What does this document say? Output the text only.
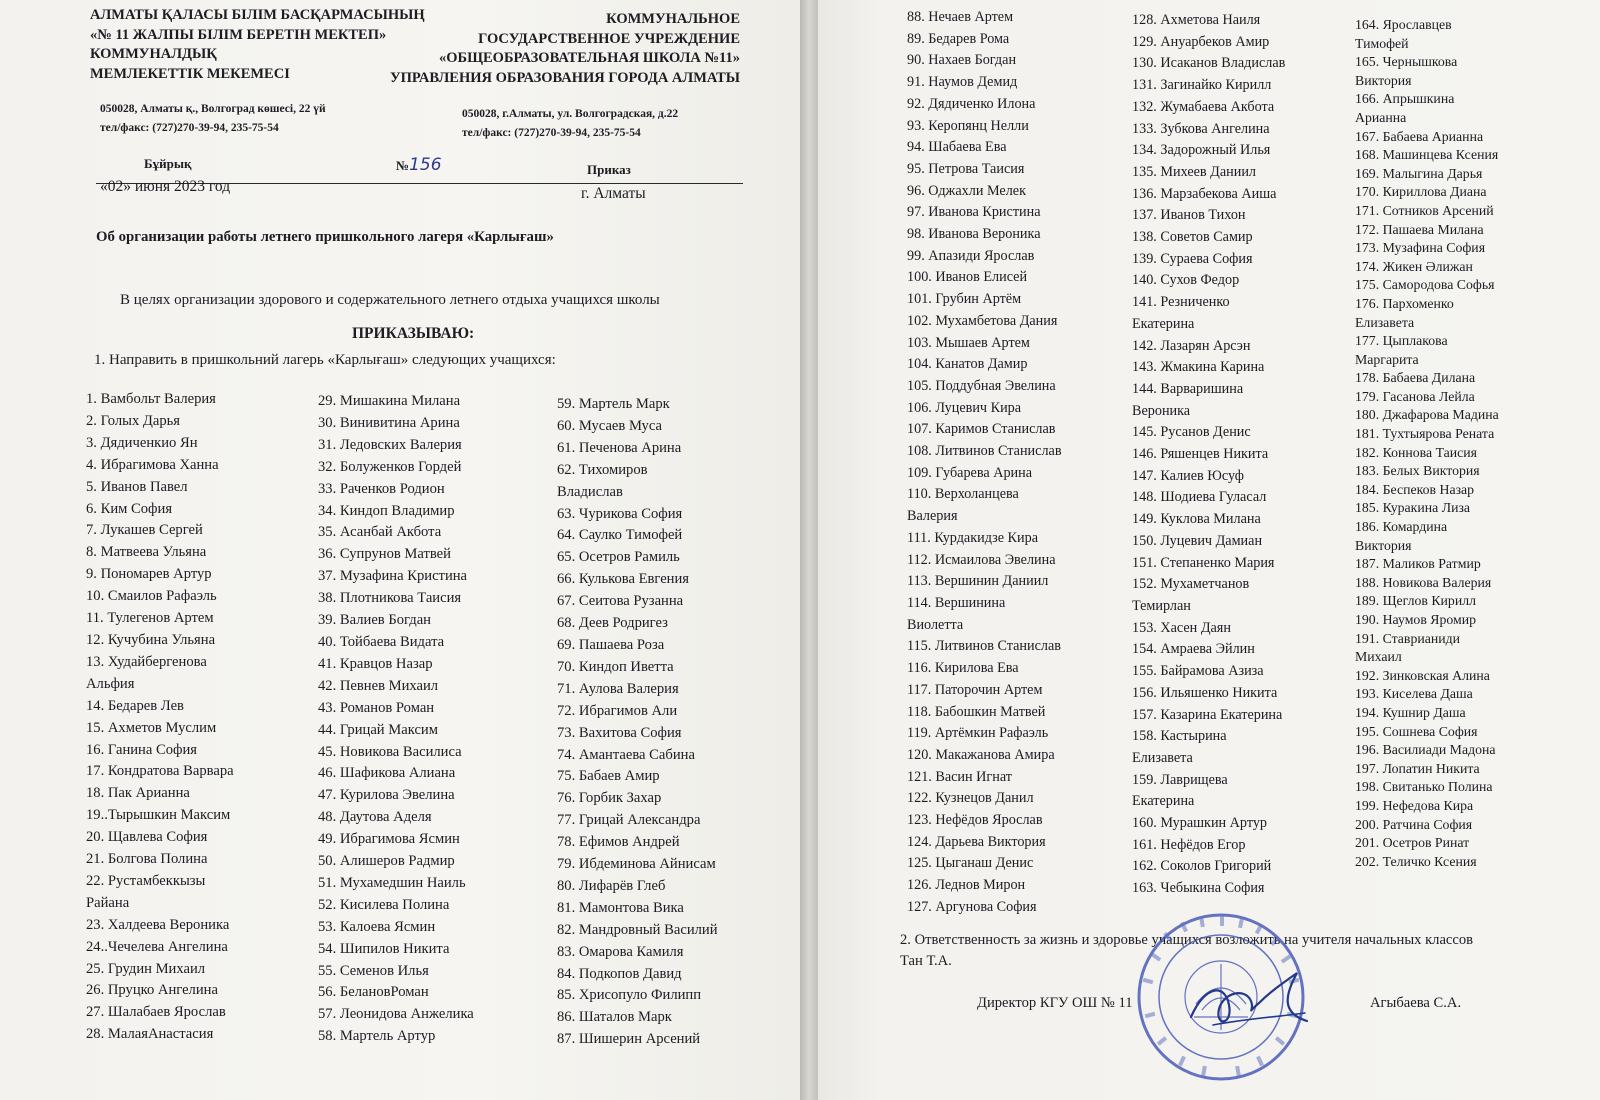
АЛМАТЫ ҚАЛАСЫ БІЛІМ БАСҚАРМАСЫНЫҢ
«№ 11 ЖАЛПЫ БІЛІМ БЕРЕТІН МЕКТЕП»
КОММУНАЛДЫҚ
МЕМЛЕКЕТТІК МЕКЕМЕСІ
КОММУНАЛЬНОЕ
ГОСУДАРСТВЕННОЕ УЧРЕЖДЕНИЕ
«ОБЩЕОБРАЗОВАТЕЛЬНАЯ ШКОЛА №11»
УПРАВЛЕНИЯ ОБРАЗОВАНИЯ ГОРОДА АЛМАТЫ
050028, Алматы қ., Волгоград көшесі, 22 үй
тел/факс: (727)270-39-94, 235-75-54
050028, г.Алматы, ул. Волгоградская, д.22
тел/факс: (727)270-39-94, 235-75-54
Бұйрық	№156	Приказ
«02» июня 2023 год	г. Алматы
Об организации работы летнего пришкольного лагеря «Карлығаш»
В целях организации здорового и содержательного летнего отдыха учащихся школы
ПРИКАЗЫВАЮ:
1. Направить в пришкольний лагерь «Карлығаш» следующих учащихся:
1. Вамбольт Валерия
2. Голых Дарья
3. Дядиченкио Ян
4. Ибрагимова Ханна
5. Иванов Павел
6. Ким София
7. Лукашев Сергей
8. Матвеева Ульяна
9. Пономарев Артур
10. Смаилов Рафаэль
11. Тулегенов Артем
12. Кучубина Ульяна
13. Худайбергенова
Альфия
14. Бедарев Лев
15. Ахметов Муслим
16. Ганина София
17. Кондратова Варвара
18. Пак Арианна
19..Тырышкин Максим
20. Щавлева София
21. Болгова Полина
22. Рустамбеккызы
Райана
23. Халдеева Вероника
24..Чечелева Ангелина
25. Грудин Михаил
26. Пруцко Ангелина
27. Шалабаев Ярослав
28. МалаяАнастасия
29. Мишакина Милана
30. Винивитина Арина
31. Ледовских Валерия
32. Болуженков Гордей
33. Раченков Родион
34. Киндоп Владимир
35. Асанбай Акбота
36. Супрунов Матвей
37. Музафина Кристина
38. Плотникова Таисия
39. Валиев Богдан
40. Тойбаева Видата
41. Кравцов Назар
42. Певнев Михаил
43. Романов Роман
44. Грицай Максим
45. Новикова Василиса
46. Шафикова Алиана
47. Курилова Эвелина
48. Даутова Аделя
49. Ибрагимова Ясмин
50. Алишеров Радмир
51. Мухамедшин Наиль
52. Кисилева Полина
53. Калоева Ясмин
54. Шипилов Никита
55. Семенов Илья
56. БелановРоман
57. Леонидова Анжелика
58. Мартель Артур
59. Мартель Марк
60. Мусаев Муса
61. Печенова Арина
62. Тихомиров
Владислав
63. Чурикова София
64. Саулко Тимофей
65. Осетров Рамиль
66. Кулькова Евгения
67. Сеитова Рузанна
68. Деев Родригез
69. Пашаева Роза
70. Киндоп Иветта
71. Аулова Валерия
72. Ибрагимов Али
73. Вахитова София
74. Амантаева Сабина
75. Бабаев Амир
76. Горбик Захар
77. Грицай Александра
78. Ефимов Андрей
79. Ибдеминова Айнисам
80. Лифарёв Глеб
81. Мамонтова Вика
82. Мандровный Василий
83. Омарова Камиля
84. Подкопов Давид
85. Хрисопуло Филипп
86. Шаталов Марк
87. Шишерин Арсений
88. Нечаев Артем
89. Бедарев Рома
90. Нахаев Богдан
91. Наумов Демид
92. Дядиченко Илона
93. Керопянц Нелли
94. Шабаева Ева
95. Петрова Таисия
96. Оджахли Мелек
97. Иванова Кристина
98. Иванова Вероника
99. Апазиди Ярослав
100. Иванов Елисей
101. Грубин Артём
102. Мухамбетова Дания
103. Мышаев Артем
104. Канатов Дамир
105. Поддубная Эвелина
106. Луцевич Кира
107. Каримов Станислав
108. Литвинов Станислав
109. Губарева Арина
110. Верхоланцева
Валерия
111. Курдакидзе Кира
112. Исмаилова Эвелина
113. Вершинин Даниил
114. Вершинина
Виолетта
115. Литвинов Станислав
116. Кирилова Ева
117. Паторочин Артем
118. Бабошкин Матвей
119. Артёмкин Рафаэль
120. Макажанова Амира
121. Васин Игнат
122. Кузнецов Данил
123. Нефёдов Ярослав
124. Дарьева Виктория
125. Цыганаш Денис
126. Леднов Мирон
127. Аргунова София
128. Ахметова Наиля
129. Ануарбеков Амир
130. Исаканов Владислав
131. Загинайко Кирилл
132. Жумабаева Акбота
133. Зубкова Ангелина
134. Задорожный Илья
135. Михеев Даниил
136. Марзабекова Аиша
137. Иванов Тихон
138. Советов Самир
139. Сураева София
140. Сухов Федор
141. Резниченко
Екатерина
142. Лазарян Арсэн
143. Жмакина Карина
144. Варваришина
Вероника
145. Русанов Денис
146. Ряшенцев Никита
147. Калиев Юсуф
148. Шодиева Гуласал
149. Куклова Милана
150. Луцевич Дамиан
151. Степаненко Мария
152. Мухаметчанов
Темирлан
153. Хасен Даян
154. Амраева Эйлин
155. Байрамова Азиза
156. Ильяшенко Никита
157. Казарина Екатерина
158. Кастырина
Елизавета
159. Лаврищева
Екатерина
160. Мурашкин Артур
161. Нефёдов Егор
162. Соколов Григорий
163. Чебыкина София
164. Ярославцев
Тимофей
165. Чернышкова
Виктория
166. Апрышкина
Арианна
167. Бабаева Арианна
168. Машинцева Ксения
169. Малыгина Дарья
170. Кириллова Диана
171. Сотников Арсений
172. Пашаева Милана
173. Музафина София
174. Жикен Әлижан
175. Самородова Софья
176. Пархоменко
Елизавета
177. Цыплакова
Маргарита
178. Бабаева Дилана
179. Гасанова Лейла
180. Джафарова Мадина
181. Тухтыярова Рената
182. Коннова Таисия
183. Белых Виктория
184. Беспеков Назар
185. Куракина Лиза
186. Комардина
Виктория
187. Маликов Ратмир
188. Новикова Валерия
189. Щеглов Кирилл
190. Наумов Яромир
191. Ставрианиди
Михаил
192. Зинковская Алина
193. Киселева Даша
194. Кушнир Даша
195. Сошнева София
196. Василиади Мадона
197. Лопатин Никита
198. Свитанько Полина
199. Нефедова Кира
200. Ратчина София
201. Осетров Ринат
202. Теличко Ксения
2. Ответственность за жизнь и здоровье учащихся возложить на учителя начальных классов
Тан Т.А.
Директор КГУ ОШ № 11	Агыбаева С.А.
